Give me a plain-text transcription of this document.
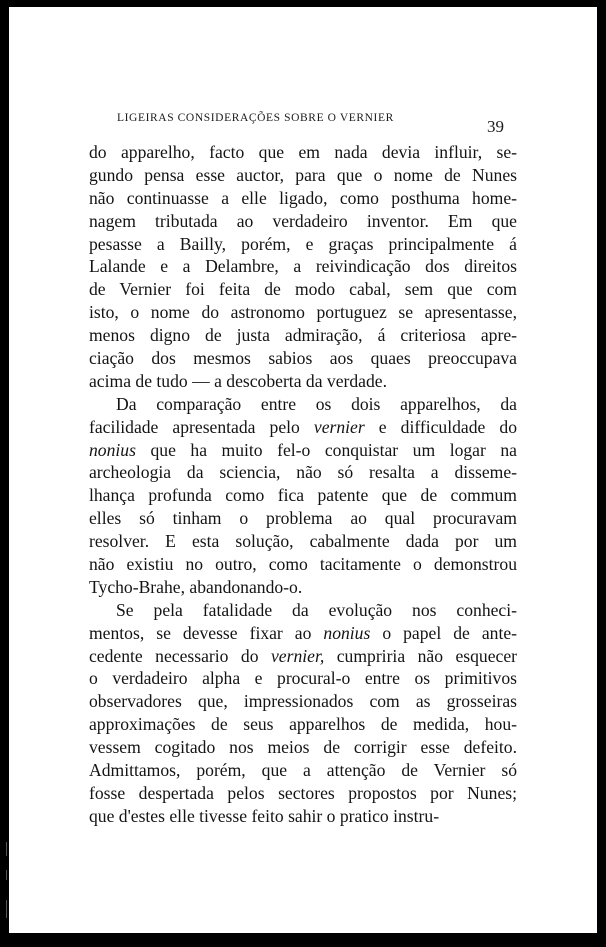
LIGEIRAS CONSIDERAÇÕES SOBRE O VERNIER	39
do apparelho, facto que em nada devia influir, se-
gundo pensa esse auctor, para que o nome de Nunes
não continuasse a elle ligado, como posthuma home-
nagem tributada ao verdadeiro inventor. Em que
pesasse a Bailly, porém, e graças principalmente á
Lalande e a Delambre, a reivindicação dos direitos
de Vernier foi feita de modo cabal, sem que com
isto, o nome do astronomo portuguez se apresentasse,
menos digno de justa admiração, á criteriosa apre-
ciação dos mesmos sabios aos quaes preoccupava
acima de tudo — a descoberta da verdade.
Da comparação entre os dois apparelhos, da
facilidade apresentada pelo vernier e difficuldade do
nonius que ha muito fel-o conquistar um logar na
archeologia da sciencia, não só resalta a disseme-
lhança profunda como fica patente que de commum
elles só tinham o problema ao qual procuravam
resolver. E esta solução, cabalmente dada por um
não existiu no outro, como tacitamente o demonstrou
Tycho-Brahe, abandonando-o.
Se pela fatalidade da evolução nos conheci-
mentos, se devesse fixar ao nonius o papel de ante-
cedente necessario do vernier, cumpriria não esquecer
o verdadeiro alpha e procural-o entre os primitivos
observadores que, impressionados com as grosseiras
approximações de seus apparelhos de medida, hou-
vessem cogitado nos meios de corrigir esse defeito.
Admittamos, porém, que a attenção de Vernier só
fosse despertada pelos sectores propostos por Nunes;
que d'estes elle tivesse feito sahir o pratico instru-
